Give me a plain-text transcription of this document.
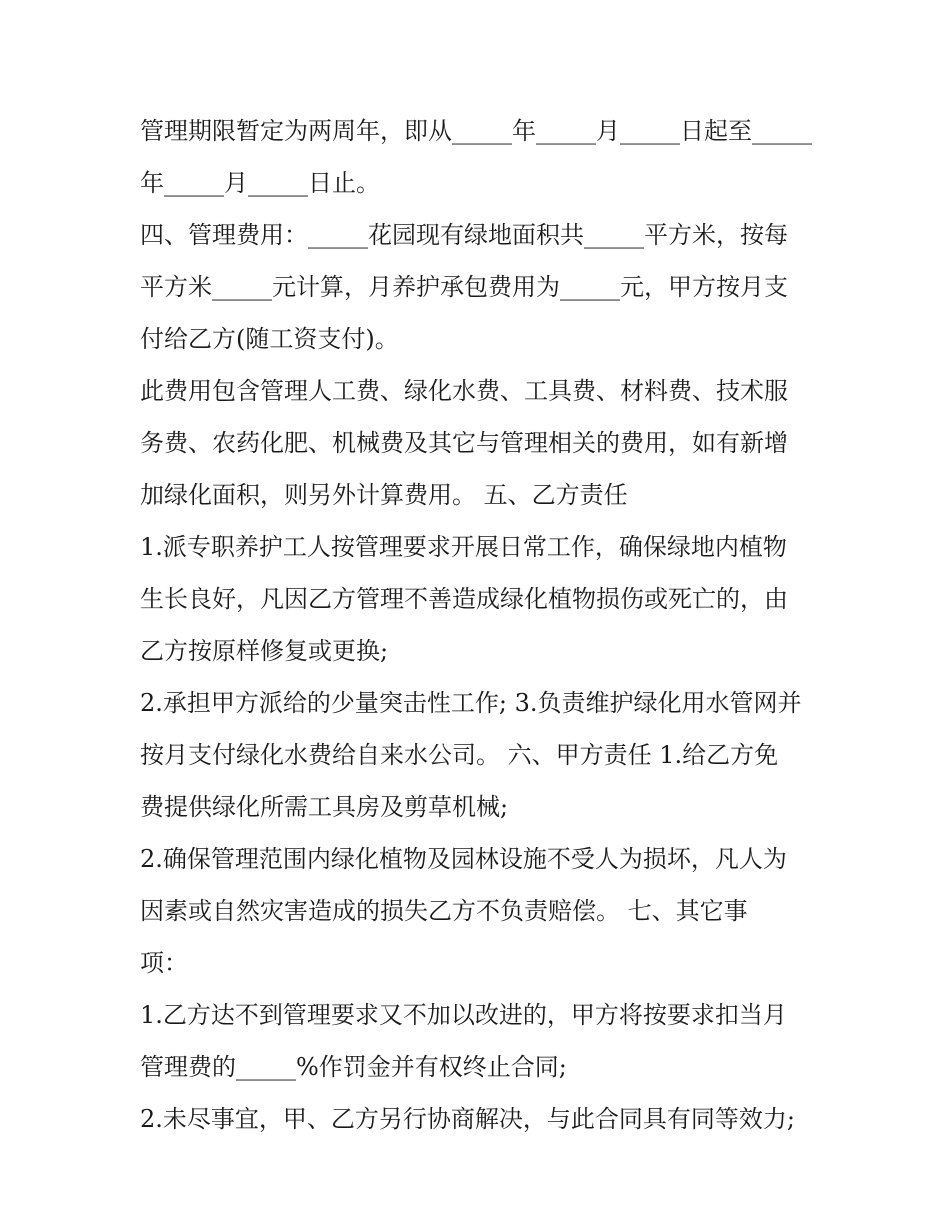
管理期限暂定为两周年，即从_____年_____月_____日起至_____
年_____月_____日止。
四、管理费用：_____花园现有绿地面积共_____平方米，按每
平方米_____元计算，月养护承包费用为_____元，甲方按月支
付给乙方(随工资支付)。
此费用包含管理人工费、绿化水费、工具费、材料费、技术服
务费、农药化肥、机械费及其它与管理相关的费用，如有新增
加绿化面积，则另外计算费用。 五、乙方责任
1.派专职养护工人按管理要求开展日常工作，确保绿地内植物
生长良好，凡因乙方管理不善造成绿化植物损伤或死亡的，由
乙方按原样修复或更换;
2.承担甲方派给的少量突击性工作; 3.负责维护绿化用水管网并
按月支付绿化水费给自来水公司。 六、甲方责任 1.给乙方免
费提供绿化所需工具房及剪草机械;
2.确保管理范围内绿化植物及园林设施不受人为损坏，凡人为
因素或自然灾害造成的损失乙方不负责赔偿。 七、其它事
项：
1.乙方达不到管理要求又不加以改进的，甲方将按要求扣当月
管理费的_____%作罚金并有权终止合同;
2.未尽事宜，甲、乙方另行协商解决，与此合同具有同等效力;
